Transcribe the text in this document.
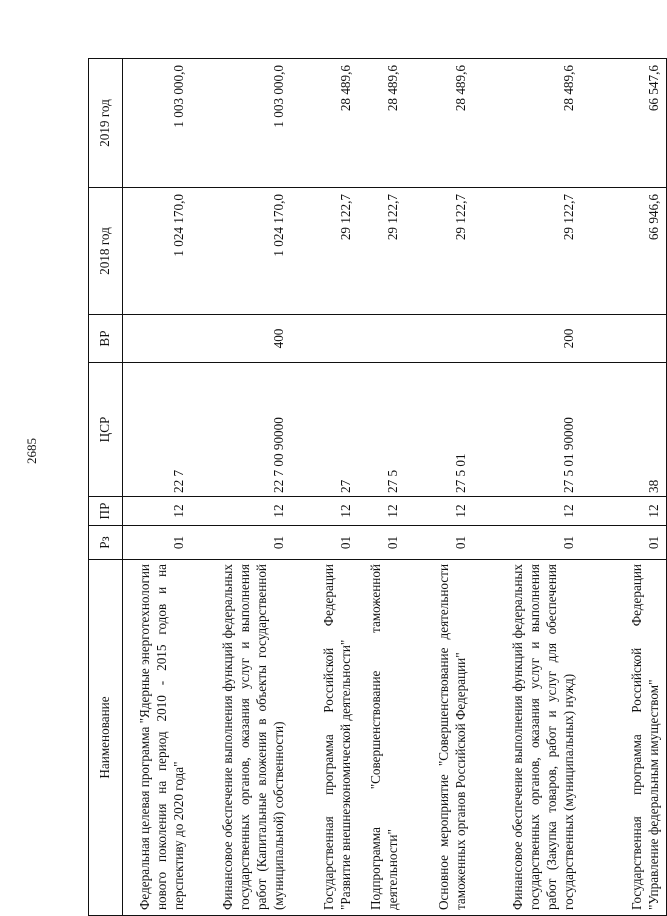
2685
Наименование	Рз	ПР	ЦСР	ВР	2018 год	2019 год
Федеральная целевая программа "Ядерные энерготехнологии нового поколения на период 2010 - 2015 годов и на перспективу до 2020 года"	01	12	22 7		1 024 170,0	1 003 000,0
Финансовое обеспечение выполнения функций федеральных государственных органов, оказания услуг и выполнения работ (Капитальные вложения в объекты государственной (муниципальной) собственности)	01	12	22 7 00 90000	400	1 024 170,0	1 003 000,0
Государственная программа Российской Федерации "Развитие внешнеэкономической деятельности"	01	12	27		29 122,7	28 489,6
Подпрограмма "Совершенствование таможенной деятельности"	01	12	27 5		29 122,7	28 489,6
Основное мероприятие "Совершенствование деятельности таможенных органов Российской Федерации"	01	12	27 5 01		29 122,7	28 489,6
Финансовое обеспечение выполнения функций федеральных государственных органов, оказания услуг и выполнения работ (Закупка товаров, работ и услуг для обеспечения государственных (муниципальных) нужд)	01	12	27 5 01 90000	200	29 122,7	28 489,6
Государственная программа Российской Федерации "Управление федеральным имуществом"	01	12	38		66 946,6	66 547,6
